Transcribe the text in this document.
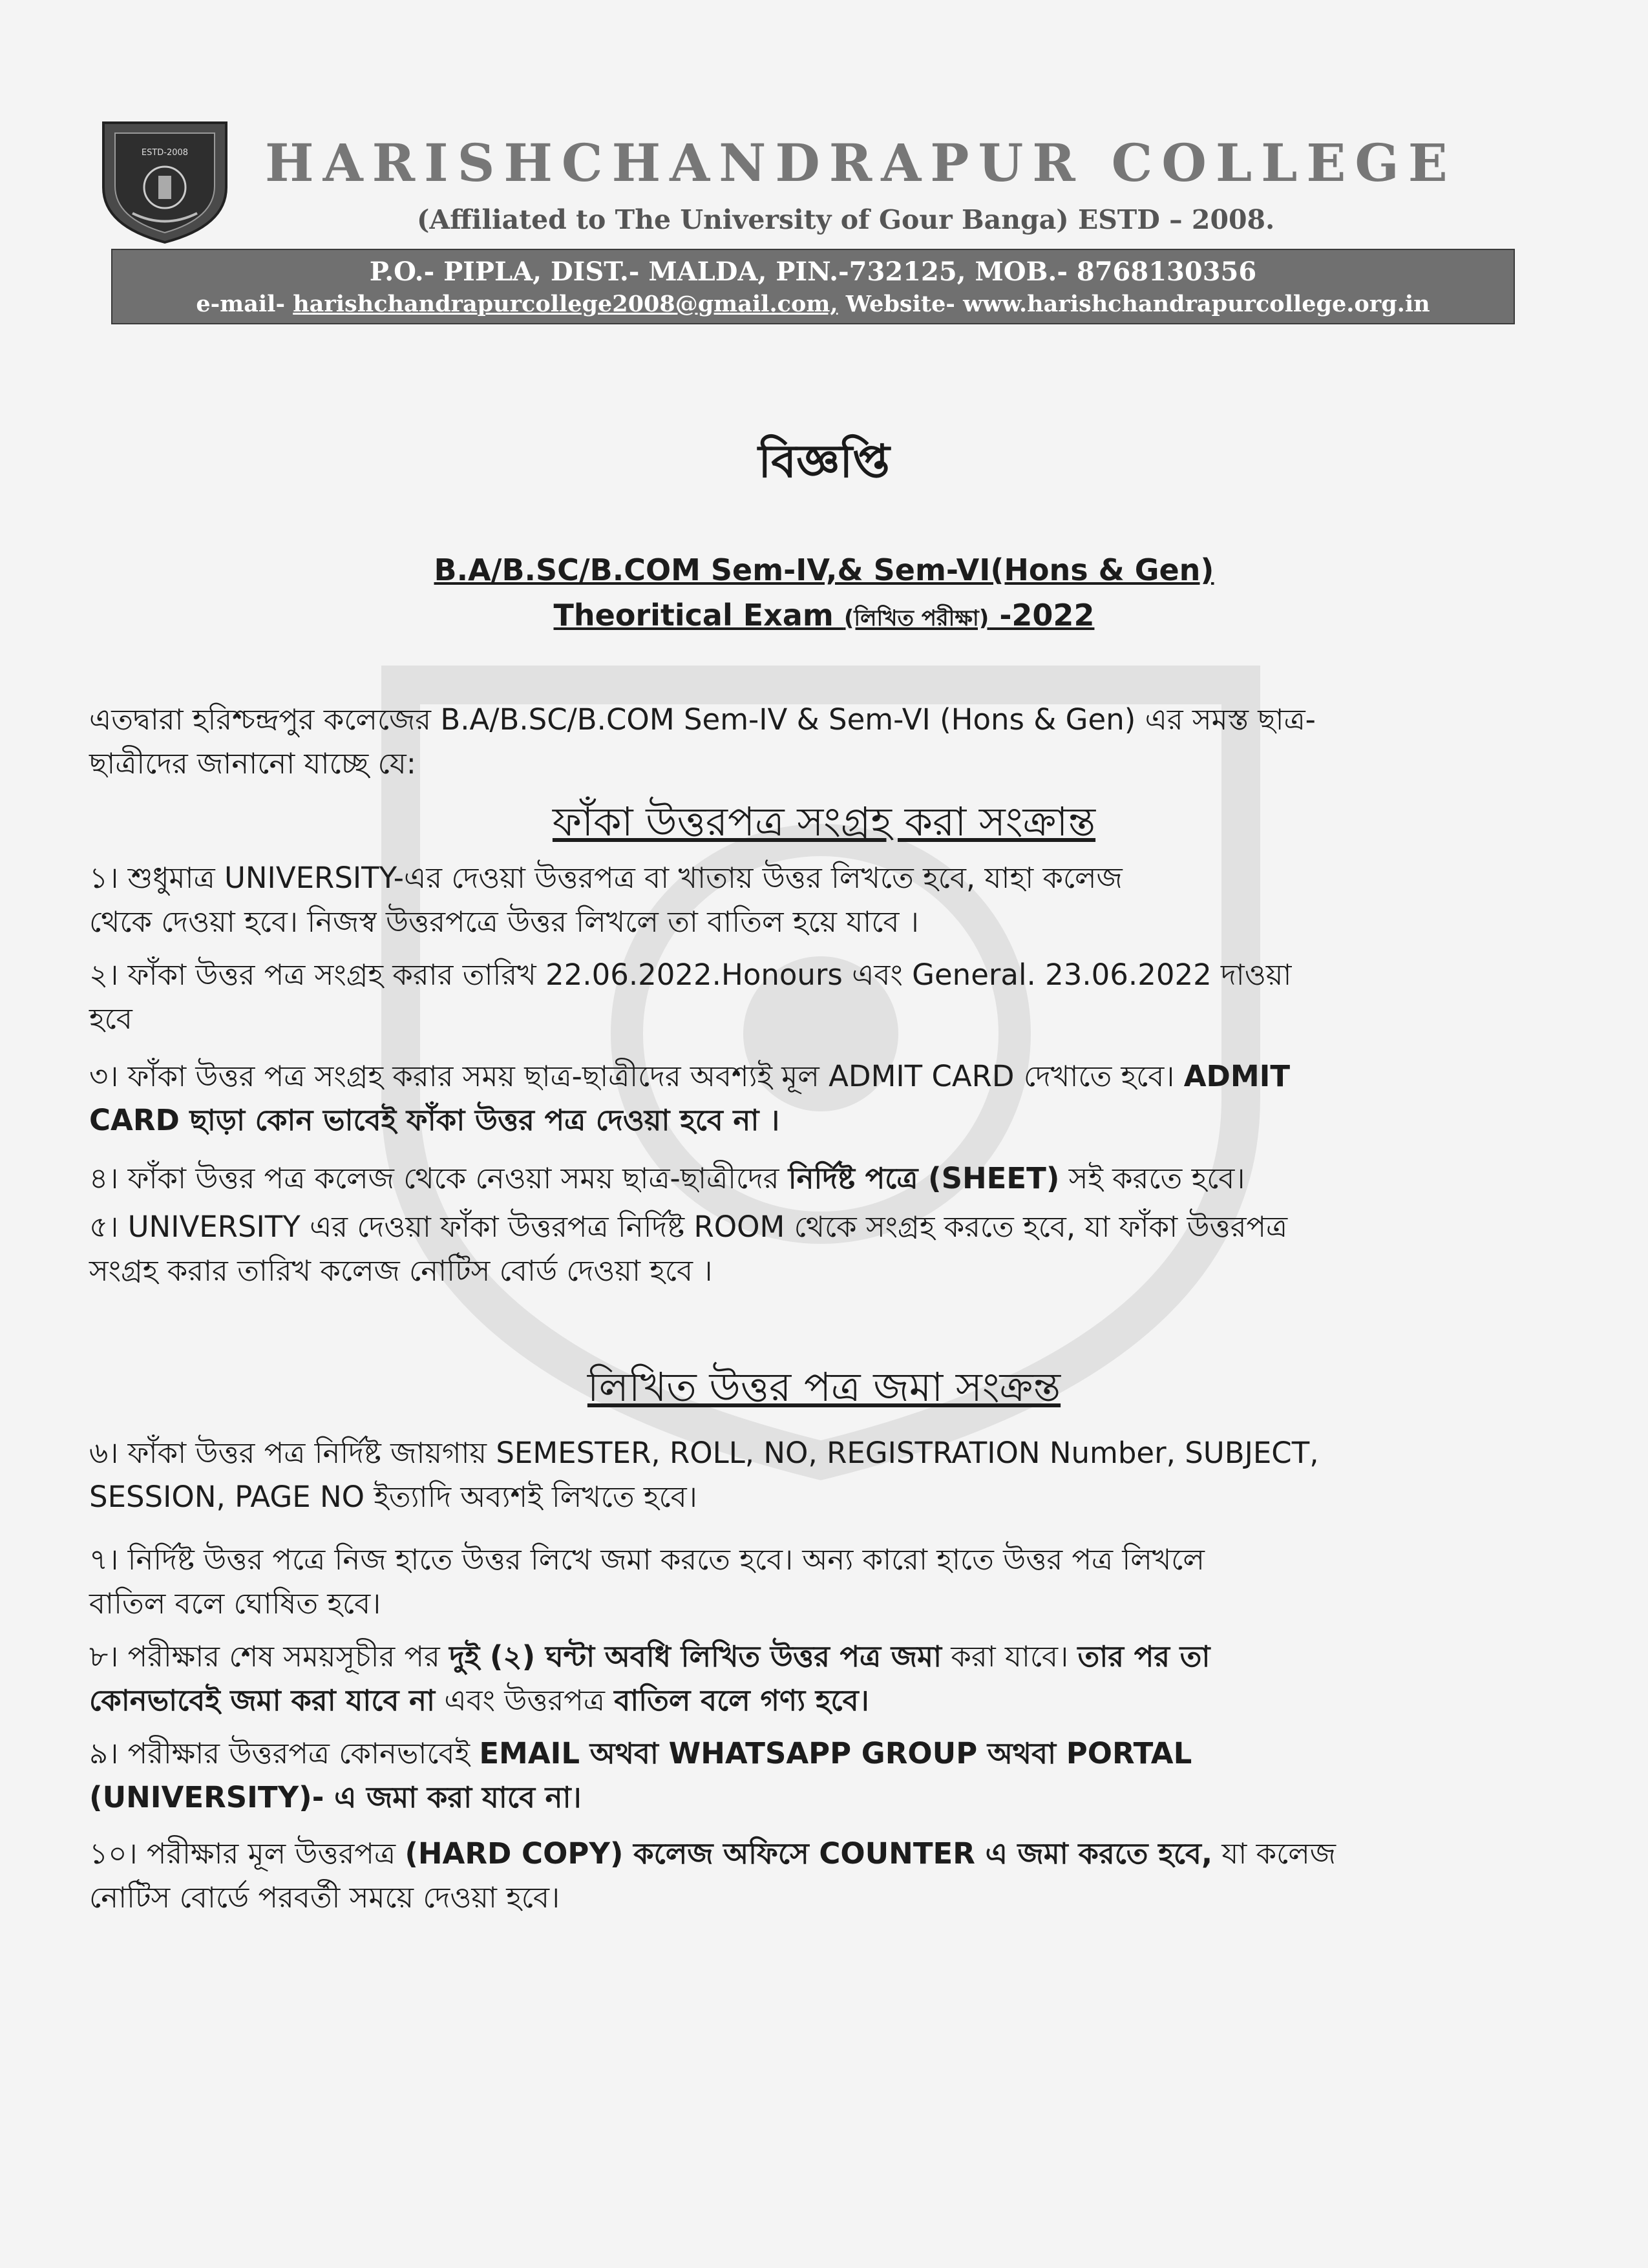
ESTD-2008 HARISHCHANDRAPUR COLLEGE
(Affiliated to The University of Gour Banga) ESTD – 2008.
P.O.- PIPLA, DIST.- MALDA, PIN.-732125, MOB.- 8768130356
e-mail- harishchandrapurcollege2008@gmail.com, Website- www.harishchandrapurcollege.org.in
বিজ্ঞপ্তি
B.A/B.SC/B.COM Sem-IV,& Sem-VI(Hons & Gen)
Theoritical Exam (লিখিত পরীক্ষা) -2022
এতদ্বারা হরিশ্চন্দ্রপুর কলেজের B.A/B.SC/B.COM Sem-IV & Sem-VI (Hons & Gen) এর সমস্ত ছাত্র-
ছাত্রীদের জানানো যাচ্ছে যে:
ফাঁকা উত্তরপত্র সংগ্রহ করা সংক্রান্ত
১। শুধুমাত্র UNIVERSITY-এর দেওয়া উত্তরপত্র বা খাতায় উত্তর লিখতে হবে, যাহা কলেজ
থেকে দেওয়া হবে। নিজস্ব উত্তরপত্রে উত্তর লিখলে তা বাতিল হয়ে যাবে ।
২। ফাঁকা উত্তর পত্র সংগ্রহ করার তারিখ 22.06.2022.Honours এবং General. 23.06.2022 দাওয়া
হবে
৩। ফাঁকা উত্তর পত্র সংগ্রহ করার সময় ছাত্র-ছাত্রীদের অবশ্যই মূল ADMIT CARD দেখাতে হবে। ADMIT
CARD ছাড়া কোন ভাবেই ফাঁকা উত্তর পত্র দেওয়া হবে না ।
৪। ফাঁকা উত্তর পত্র কলেজ থেকে নেওয়া সময় ছাত্র-ছাত্রীদের নির্দিষ্ট পত্রে (SHEET) সই করতে হবে।
৫। UNIVERSITY এর দেওয়া ফাঁকা উত্তরপত্র নির্দিষ্ট ROOM থেকে সংগ্রহ করতে হবে, যা ফাঁকা উত্তরপত্র
সংগ্রহ করার তারিখ কলেজ নোটিস বোর্ড দেওয়া হবে ।
লিখিত উত্তর পত্র জমা সংক্রন্ত
৬। ফাঁকা উত্তর পত্র নির্দিষ্ট জায়গায় SEMESTER, ROLL, NO, REGISTRATION Number, SUBJECT,
SESSION, PAGE NO ইত্যাদি অব্যশই লিখতে হবে।
৭। নির্দিষ্ট উত্তর পত্রে নিজ হাতে উত্তর লিখে জমা করতে হবে। অন্য কারো হাতে উত্তর পত্র লিখলে
বাতিল বলে ঘোষিত হবে।
৮। পরীক্ষার শেষ সময়সূচীর পর দুই (২) ঘন্টা অবধি লিখিত উত্তর পত্র জমা করা যাবে। তার পর তা
কোনভাবেই জমা করা যাবে না এবং উত্তরপত্র বাতিল বলে গণ্য হবে।
৯। পরীক্ষার উত্তরপত্র কোনভাবেই EMAIL অথবা WHATSAPP GROUP অথবা PORTAL
(UNIVERSITY)- এ জমা করা যাবে না।
১০। পরীক্ষার মূল উত্তরপত্র (HARD COPY) কলেজ অফিসে COUNTER এ জমা করতে হবে, যা কলেজ
নোটিস বোর্ডে পরবর্তী সময়ে দেওয়া হবে।
